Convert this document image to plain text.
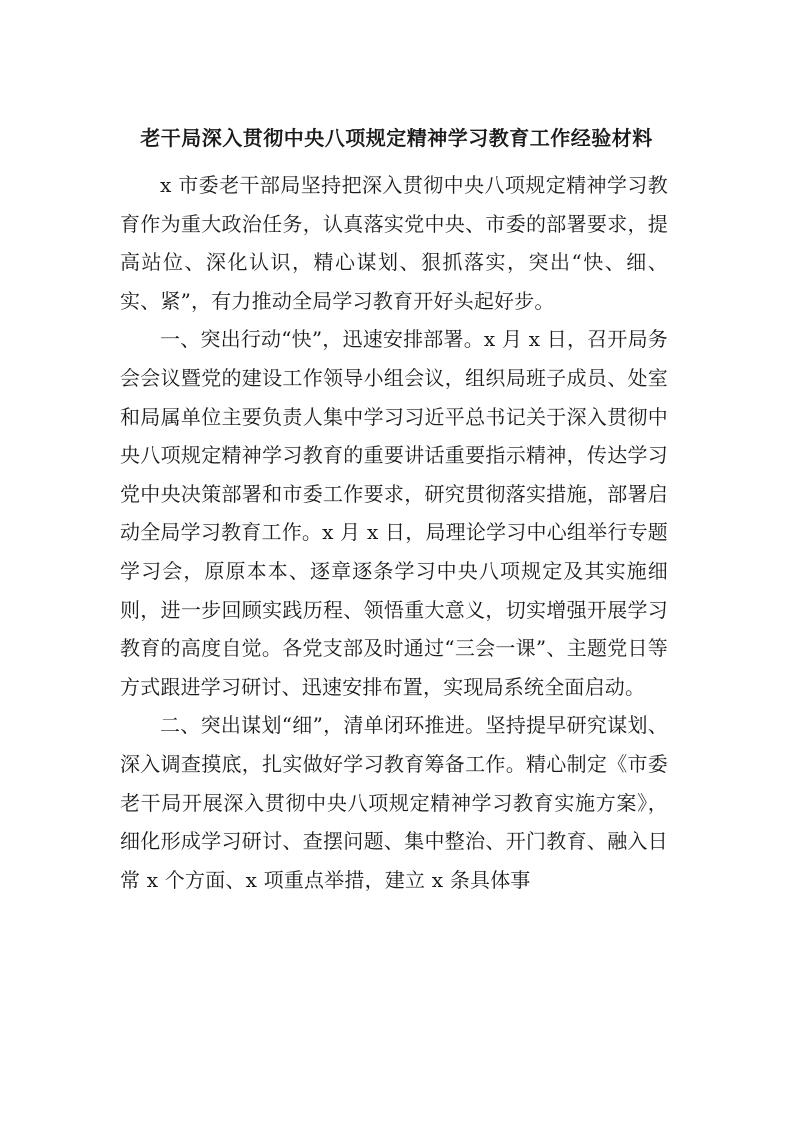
老干局深入贯彻中央八项规定精神学习教育工作经验材料

x 市委老干部局坚持把深入贯彻中央八项规定精神学习教育作为重大政治任务，认真落实党中央、市委的部署要求，提高站位、深化认识，精心谋划、狠抓落实，突出“快、细、实、紧”，有力推动全局学习教育开好头起好步。

一、突出行动“快”，迅速安排部署。x 月 x 日，召开局务会会议暨党的建设工作领导小组会议，组织局班子成员、处室和局属单位主要负责人集中学习习近平总书记关于深入贯彻中央八项规定精神学习教育的重要讲话重要指示精神，传达学习党中央决策部署和市委工作要求，研究贯彻落实措施，部署启动全局学习教育工作。x 月 x 日，局理论学习中心组举行专题学习会，原原本本、逐章逐条学习中央八项规定及其实施细则，进一步回顾实践历程、领悟重大意义，切实增强开展学习教育的高度自觉。各党支部及时通过“三会一课”、主题党日等方式跟进学习研讨、迅速安排布置，实现局系统全面启动。

二、突出谋划“细”，清单闭环推进。坚持提早研究谋划、深入调查摸底，扎实做好学习教育筹备工作。精心制定《市委老干局开展深入贯彻中央八项规定精神学习教育实施方案》，细化形成学习研讨、查摆问题、集中整治、开门教育、融入日常 x 个方面、x 项重点举措，建立 x 条具体事
